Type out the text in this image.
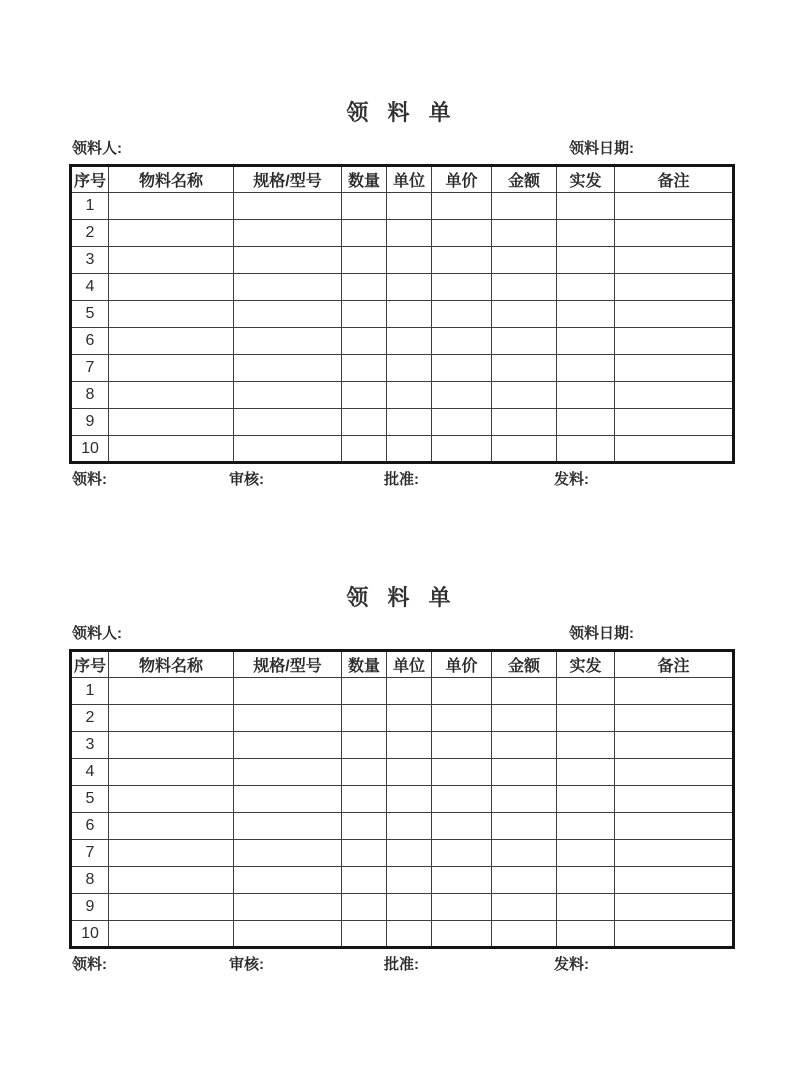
领 料 单
领料人:	领料日期:
序号	物料名称	规格/型号	数量	单位	单价	金额	实发	备注
1								
2								
3								
4								
5								
6								
7								
8								
9								
10								
领料:	审核:	批准:	发料:
领 料 单
领料人:	领料日期:
序号	物料名称	规格/型号	数量	单位	单价	金额	实发	备注
1								
2								
3								
4								
5								
6								
7								
8								
9								
10								
领料:	审核:	批准:	发料:
